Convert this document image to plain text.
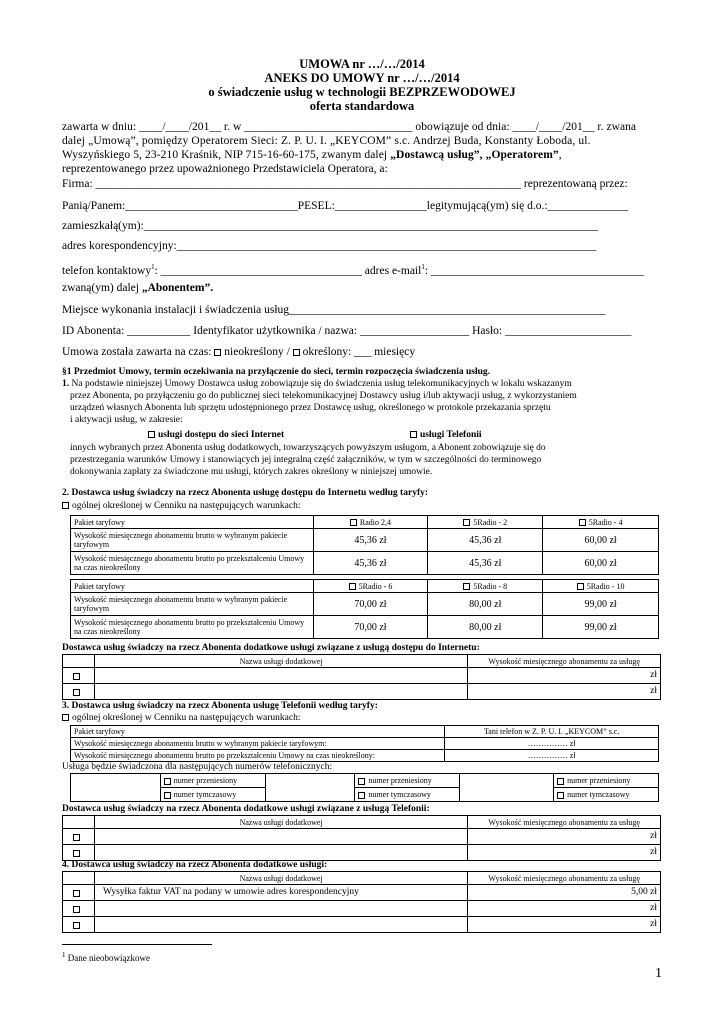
UMOWA nr …/…/2014
ANEKS DO UMOWY nr …/…/2014
o świadczenie usług w technologii BEZPRZEWODOWEJ
oferta standardowa
zawarta w dniu: ____/____/201__ r. w _____________________________ obowiązuje od dnia: ____/____/201__ r. zwana
dalej „Umową”, pomiędzy Operatorem Sieci: Z. P. U. I. „KEYCOM” s.c. Andrzej Buda, Konstanty Łoboda, ul.
Wyszyńskiego 5, 23-210 Kraśnik, NIP 715-16-60-175, zwanym dalej „Dostawcą usług”, „Operatorem”,
reprezentowanego przez upoważnionego Przedstawiciela Operatora, a:
Firma: __________________________________________________________________________ reprezentowaną przez:
Panią/Panem:______________________________PESEL:________________legitymującą(ym) się d.o.:______________
zamieszkałą(ym):_______________________________________________________________________________
adres korespondencyjny:_________________________________________________________________________
telefon kontaktowy$^1$: ___________________________________ adres e-mail$^1$: _____________________________________
zwaną(ym) dalej „Abonentem”.
Miejsce wykonania instalacji i świadczenia usług_______________________________________________________
ID Abonenta: ___________ Identyfikator użytkownika / nazwa: ___________________ Hasło: ______________________
Umowa została zawarta na czas: nieokreślony / określony: ___ miesięcy
§1 Przedmiot Umowy, termin oczekiwania na przyłączenie do sieci, termin rozpoczęcia świadczenia usług.
1. Na podstawie niniejszej Umowy Dostawca usług zobowiązuje się do świadczenia usług telekomunikacyjnych w lokalu wskazanym
przez Abonenta, po przyłączeniu go do publicznej sieci telekomunikacyjnej Dostawcy usług i/lub aktywacji usług, z wykorzystaniem
urządzeń własnych Abonenta lub sprzętu udostępnionego przez Dostawcę usług, określonego w protokole przekazania sprzętu
i aktywacji usług, w zakresie:
usługi dostępu do sieci Internet	usługi Telefonii
innych wybranych przez Abonenta usług dodatkowych, towarzyszących powyższym usługom, a Abonent zobowiązuje się do
przestrzegania warunków Umowy i stanowiących jej integralną część załączników, w tym w szczególności do terminowego
dokonywania zapłaty za świadczone mu usługi, których zakres określony w niniejszej umowie.
2. Dostawca usług świadczy na rzecz Abonenta usługę dostępu do Internetu według taryfy:
ogólnej określonej w Cenniku na następujących warunkach:
Pakiet taryfowy	Radio 2,4	5Radio - 2	5Radio - 4
Wysokość miesięcznego abonamentu brutto w wybranym pakiecie taryfowym	45,36 zł	45,36 zł	60,00 zł
Wysokość miesięcznego abonamentu brutto po przekształceniu Umowy na czas nieokreślony	45,36 zł	45,36 zł	60,00 zł
Pakiet taryfowy	5Radio - 6	5Radio - 8	5Radio - 10
Wysokość miesięcznego abonamentu brutto w wybranym pakiecie taryfowym	70,00 zł	80,00 zł	99,00 zł
Wysokość miesięcznego abonamentu brutto po przekształceniu Umowy na czas nieokreślony	70,00 zł	80,00 zł	99,00 zł
Dostawca usług świadczy na rzecz Abonenta dodatkowe usługi związane z usługą dostępu do Internetu:
	Nazwa usługi dodatkowej	Wysokość miesięcznego abonamentu za usługę
		zł
		zł
3. Dostawca usług świadczy na rzecz Abonenta usługę Telefonii według taryfy:
ogólnej określonej w Cenniku na następujących warunkach:
Pakiet taryfowy	Tani telefon w Z. P. U. I. „KEYCOM” s.c.
Wysokość miesięcznego abonamentu brutto w wybranym pakiecie taryfowym:	…………… zł
Wysokość miesięcznego abonamentu brutto po przekształceniu Umowy na czas nieokreślony:	…………… zł
Usługa będzie świadczona dla następujących numerów telefonicznych:
	numer przeniesiony		numer przeniesiony		numer przeniesiony
	numer tymczasowy		numer tymczasowy		numer tymczasowy
Dostawca usług świadczy na rzecz Abonenta dodatkowe usługi związane z usługą Telefonii:
	Nazwa usługi dodatkowej	Wysokość miesięcznego abonamentu za usługę
		zł
		zł
4. Dostawca usług świadczy na rzecz Abonenta dodatkowe usługi:
	Nazwa usługi dodatkowej	Wysokość miesięcznego abonamentu za usługę
	Wysyłka faktur VAT na podany w umowie adres korespondencyjny	5,00 zł
		zł
		zł
$^1$ Dane nieobowiązkowe
1
